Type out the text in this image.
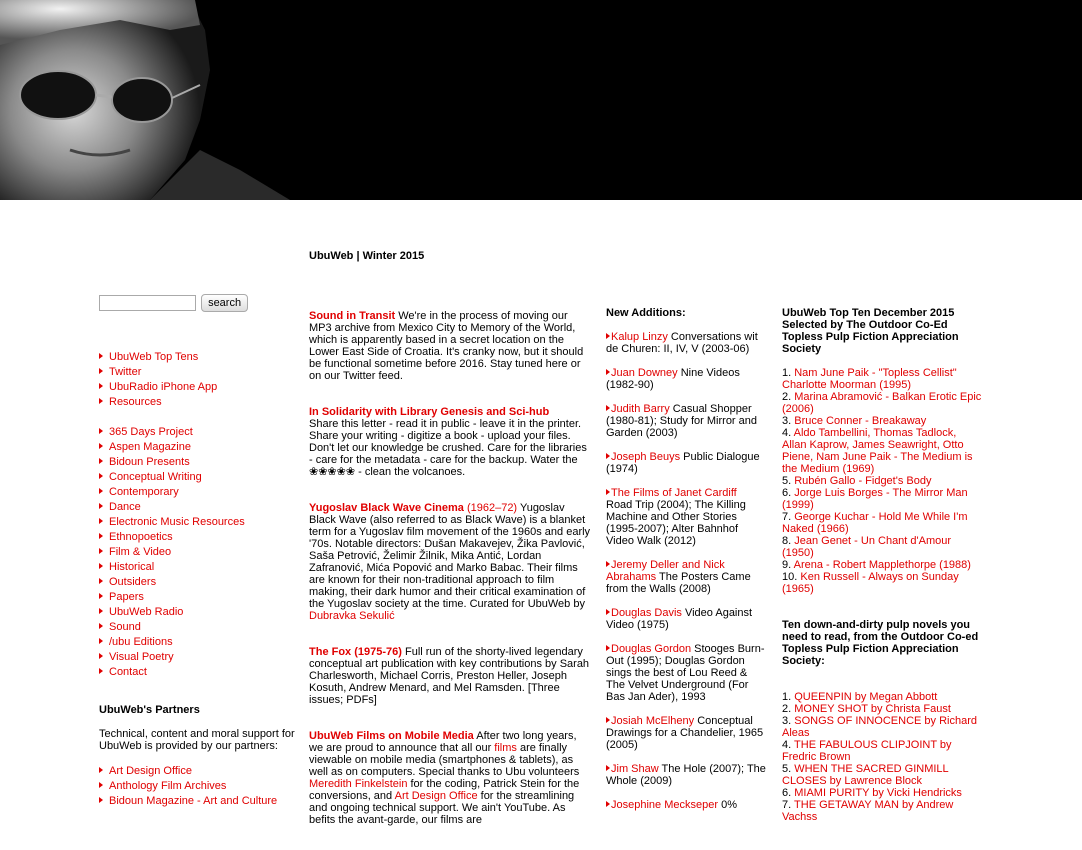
UbuWeb | Winter 2015
search
UbuWeb Top Tens
Twitter
UbuRadio iPhone App
Resources
365 Days Project
Aspen Magazine
Bidoun Presents
Conceptual Writing
Contemporary
Dance
Electronic Music Resources
Ethnopoetics
Film & Video
Historical
Outsiders
Papers
UbuWeb Radio
Sound
/ubu Editions
Visual Poetry
Contact
UbuWeb's Partners
Technical, content and moral support for UbuWeb is provided by our partners:
Art Design Office
Anthology Film Archives
Bidoun Magazine - Art and Culture
Sound in Transit We're in the process of moving our MP3 archive from Mexico City to Memory of the World, which is apparently based in a secret location on the Lower East Side of Croatia. It's cranky now, but it should be functional sometime before 2016. Stay tuned here or on our Twitter feed.
In Solidarity with Library Genesis and Sci-hub
Share this letter - read it in public - leave it in the printer. Share your writing - digitize a book - upload your files. Don't let our knowledge be crushed. Care for the libraries - care for the metadata - care for the backup. Water the ❀❀❀❀❀ - clean the volcanoes.
Yugoslav Black Wave Cinema (1962–72) Yugoslav Black Wave (also referred to as Black Wave) is a blanket term for a Yugoslav film movement of the 1960s and early '70s. Notable directors: Dušan Makavejev, Žika Pavlović, Saša Petrović, Želimir Žilnik, Mika Antić, Lordan Zafranović, Mića Popović and Marko Babac. Their films are known for their non-traditional approach to film making, their dark humor and their critical examination of the Yugoslav society at the time. Curated for UbuWeb by Dubravka Sekulić
The Fox (1975-76) Full run of the shorty-lived legendary conceptual art publication with key contributions by Sarah Charlesworth, Michael Corris, Preston Heller, Joseph Kosuth, Andrew Menard, and Mel Ramsden. [Three issues; PDFs]
UbuWeb Films on Mobile Media After two long years, we are proud to announce that all our films are finally viewable on mobile media (smartphones & tablets), as well as on computers. Special thanks to Ubu volunteers Meredith Finkelstein for the coding, Patrick Stein for the conversions, and Art Design Office for the streamlining and ongoing technical support. We ain't YouTube. As befits the avant-garde, our films are
New Additions:
Kalup Linzy Conversations wit de Churen: II, IV, V (2003-06)
Juan Downey Nine Videos (1982-90)
Judith Barry Casual Shopper (1980-81); Study for Mirror and Garden (2003)
Joseph Beuys Public Dialogue (1974)
The Films of Janet Cardiff Road Trip (2004); The Killing Machine and Other Stories (1995-2007); Alter Bahnhof Video Walk (2012)
Jeremy Deller and Nick Abrahams The Posters Came from the Walls (2008)
Douglas Davis Video Against Video (1975)
Douglas Gordon Stooges Burn-Out (1995); Douglas Gordon sings the best of Lou Reed & The Velvet Underground (For Bas Jan Ader), 1993
Josiah McElheny Conceptual Drawings for a Chandelier, 1965 (2005)
Jim Shaw The Hole (2007); The Whole (2009)
Josephine Meckseper 0%
UbuWeb Top Ten December 2015 Selected by The Outdoor Co-Ed Topless Pulp Fiction Appreciation Society
1. Nam June Paik - "Topless Cellist" Charlotte Moorman (1995)
2. Marina Abramović - Balkan Erotic Epic (2006)
3. Bruce Conner - Breakaway
4. Aldo Tambellini, Thomas Tadlock, Allan Kaprow, James Seawright, Otto Piene, Nam June Paik - The Medium is the Medium (1969)
5. Rubén Gallo - Fidget's Body
6. Jorge Luis Borges - The Mirror Man (1999)
7. George Kuchar - Hold Me While I'm Naked (1966)
8. Jean Genet - Un Chant d'Amour (1950)
9. Arena - Robert Mapplethorpe (1988)
10. Ken Russell - Always on Sunday (1965)
Ten down-and-dirty pulp novels you need to read, from the Outdoor Co-ed Topless Pulp Fiction Appreciation Society:
1. QUEENPIN by Megan Abbott
2. MONEY SHOT by Christa Faust
3. SONGS OF INNOCENCE by Richard Aleas
4. THE FABULOUS CLIPJOINT by Fredric Brown
5. WHEN THE SACRED GINMILL CLOSES by Lawrence Block
6. MIAMI PURITY by Vicki Hendricks
7. THE GETAWAY MAN by Andrew Vachss
